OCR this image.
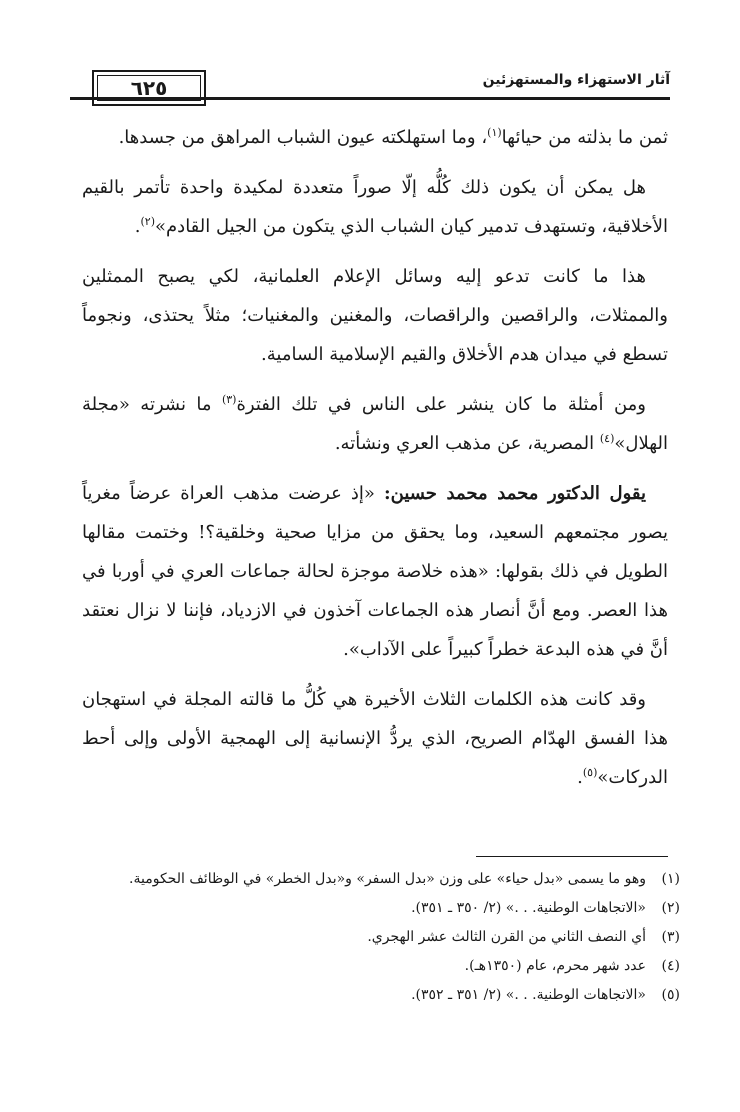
٦٢٥	آثار الاستهزاء والمستهزئين

ثمن ما بذلته من حيائها$^{(١)}$، وما استهلكته عيون الشباب المراهق من جسدها.

هل يمكن أن يكون ذلك كُلُّه إلّا صوراً متعددة لمكيدة واحدة تأتمر بالقيم الأخلاقية، وتستهدف تدمير كيان الشباب الذي يتكون من الجيل القادم»$^{(٢)}$.

هذا ما كانت تدعو إليه وسائل الإعلام العلمانية، لكي يصبح الممثلين والممثلات، والراقصين والراقصات، والمغنين والمغنيات؛ مثلاً يحتذى، ونجوماً تسطع في ميدان هدم الأخلاق والقيم الإسلامية السامية.

ومن أمثلة ما كان ينشر على الناس في تلك الفترة$^{(٣)}$ ما نشرته «مجلة الهلال»$^{(٤)}$ المصرية، عن مذهب العري ونشأته.

يقول الدكتور محمد محمد حسين: «إذ عرضت مذهب العراة عرضاً مغرياً يصور مجتمعهم السعيد، وما يحقق من مزايا صحية وخلقية؟! وختمت مقالها الطويل في ذلك بقولها: «هذه خلاصة موجزة لحالة جماعات العري في أوربا في هذا العصر. ومع أنَّ أنصار هذه الجماعات آخذون في الازدياد، فإننا لا نزال نعتقد أنَّ في هذه البدعة خطراً كبيراً على الآداب».

وقد كانت هذه الكلمات الثلاث الأخيرة هي كُلُّ ما قالته المجلة في استهجان هذا الفسق الهدّام الصريح، الذي يردُّ الإنسانية إلى الهمجية الأولى وإلى أحط الدركات»$^{(٥)}$.

(١)
وهو ما يسمى «بدل حياء» على وزن «بدل السفر» و«بدل الخطر» في الوظائف الحكومية.
(٢)
«الاتجاهات الوطنية. . .» (٢/ ٣٥٠ ـ ٣٥١).
(٣)
أي النصف الثاني من القرن الثالث عشر الهجري.
(٤)
عدد شهر محرم، عام (١٣٥٠هـ).
(٥)
«الاتجاهات الوطنية. . .» (٢/ ٣٥١ ـ ٣٥٢).
